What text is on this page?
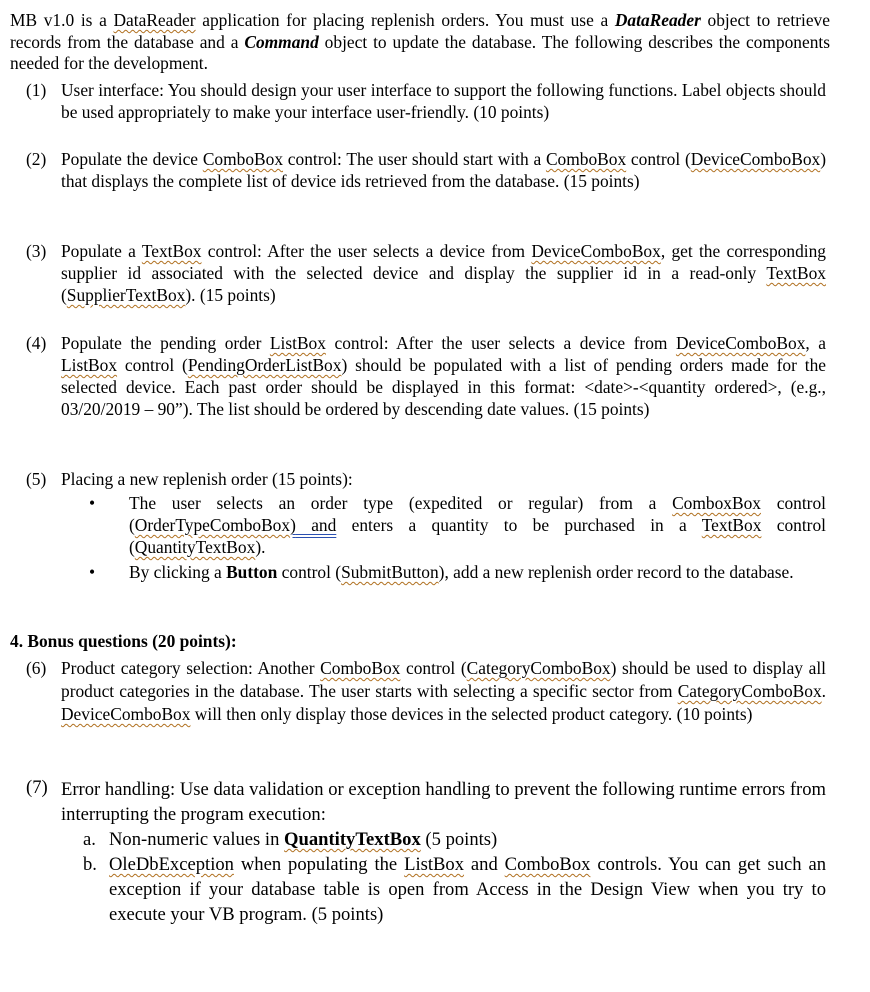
MB v1.0 is a DataReader application for placing replenish orders. You must use a DataReader object to retrieve records from the database and a Command object to update the database. The following describes the components needed for the development.

(1) User interface: You should design your user interface to support the following functions. Label objects should be used appropriately to make your interface user-friendly. (10 points)

(2) Populate the device ComboBox control: The user should start with a ComboBox control (DeviceComboBox) that displays the complete list of device ids retrieved from the database. (15 points)

(3) Populate a TextBox control: After the user selects a device from DeviceComboBox, get the corresponding supplier id associated with the selected device and display the supplier id in a read-only TextBox (SupplierTextBox). (15 points)

(4) Populate the pending order ListBox control: After the user selects a device from DeviceComboBox, a ListBox control (PendingOrderListBox) should be populated with a list of pending orders made for the selected device. Each past order should be displayed in this format: <date>-<quantity ordered>, (e.g., 03/20/2019 – 90”). The list should be ordered by descending date values. (15 points)

(5) Placing a new replenish order (15 points):

• The user selects an order type (expedited or regular) from a ComboxBox control (OrderTypeComboBox) and enters a quantity to be purchased in a TextBox control (QuantityTextBox).
• By clicking a Button control (SubmitButton), add a new replenish order record to the database.
4. Bonus questions (20 points):
(6) Product category selection: Another ComboBox control (CategoryComboBox) should be used to display all product categories in the database. The user starts with selecting a specific sector from CategoryComboBox. DeviceComboBox will then only display those devices in the selected product category. (10 points)

(7) Error handling: Use data validation or exception handling to prevent the following runtime errors from interrupting the program execution:

a. Non-numeric values in QuantityTextBox (5 points)
b. OleDbException when populating the ListBox and ComboBox controls. You can get such an exception if your database table is open from Access in the Design View when you try to execute your VB program. (5 points)
